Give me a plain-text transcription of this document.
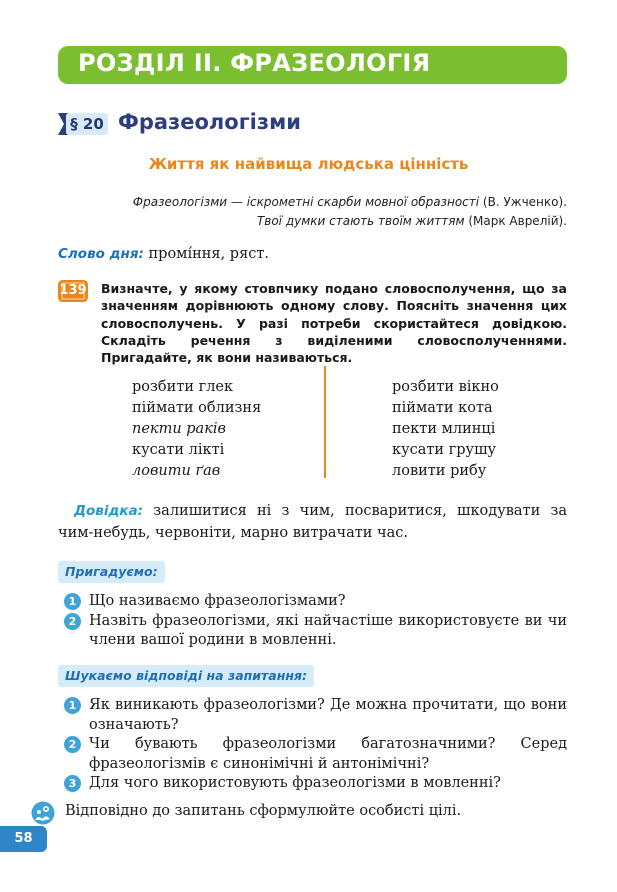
РОЗДІЛ ІІ. ФРАЗЕОЛОГІЯ
§ 20 Фразеологізми
Життя як найвища людська цінність
Фразеологізми — іскрометні скарби мовної образності (В. Ужченко).
Твої думки стають твоїм життям (Марк Аврелій).
Слово дня: промі́ння, ряст.
139 Визначте, у якому стовпчику подано словосполучення, що за значенням дорівнюють одному слову. Поясніть значення цих словосполучень. У разі потреби скористайтеся довідкою. Складіть речення з виділеними словосполученнями. Пригадайте, як вони називаються.
розбити глек
піймати облизня
пекти раків
кусати лікті
ловити ґав
розбити вікно
піймати кота
пекти млинці
кусати грушу
ловити рибу
Довідка: залишитися ні з чим, посваритися, шкодувати за чим-небудь, червоніти, марно витрачати час.
Пригадуємо:
1 Що називаємо фразеологізмами?
2 Назвіть фразеологізми, які найчастіше використовуєте ви чи члени вашої родини в мовленні.
Шукаємо відповіді на запитання:
1 Як виникають фразеологізми? Де можна прочитати, що вони означають?
2 Чи бувають фразеологізми багатозначними? Серед фразеологізмів є синонімічні й антонімічні?
3 Для чого використовують фразеологізми в мовленні?
Відповідно до запитань сформулюйте особисті цілі.
58
